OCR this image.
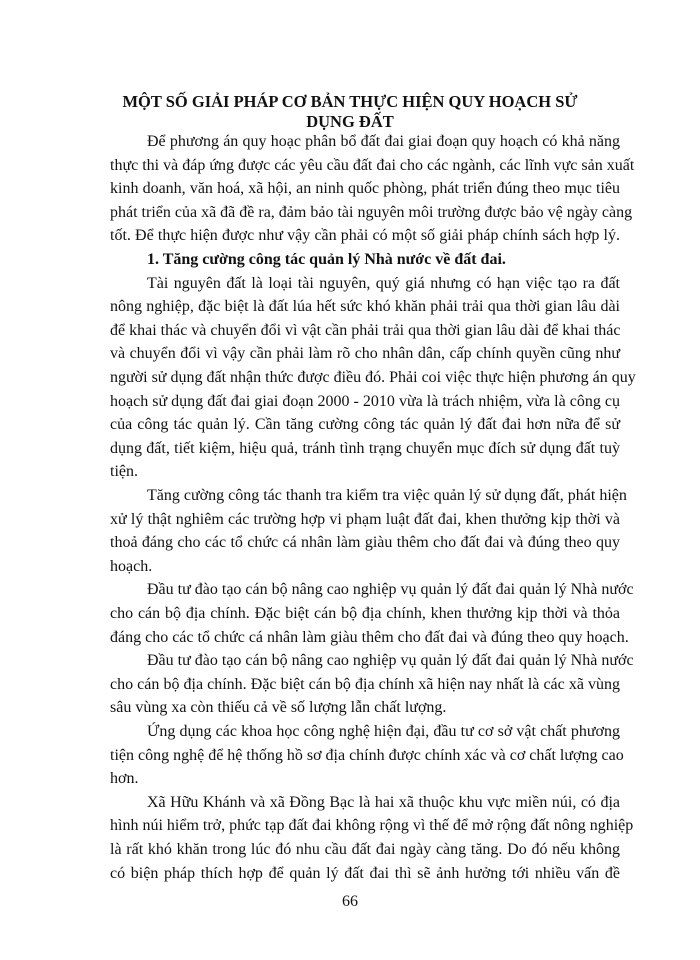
MỘT SỐ GIẢI PHÁP CƠ BẢN THỰC HIỆN QUY HOẠCH SỬ
DỤNG ĐẤT
Để phương án quy hoạc phân bổ đất đai giai đoạn quy hoạch có khả năng
thực thi và đáp ứng được các yêu cầu đất đai cho các ngành, các lĩnh vực sản xuất
kinh doanh, văn hoá, xã hội, an ninh quốc phòng, phát triển đúng theo mục tiêu
phát triển của xã đã đề ra, đảm bảo tài nguyên môi trường được bảo vệ ngày càng
tốt. Để thực hiện được như vậy cần phải có một số giải pháp chính sách hợp lý.
1. Tăng cường công tác quản lý Nhà nước về đất đai.
Tài nguyên đất là loại tài nguyên, quý giá nhưng có hạn việc tạo ra đất
nông nghiệp, đặc biệt là đất lúa hết sức khó khăn phải trải qua thời gian lâu dài
để khai thác và chuyển đổi vì vật cần phải trải qua thời gian lâu dài để khai thác
và chuyển đổi vì vậy cần phải làm rõ cho nhân dân, cấp chính quyền cũng như
người sử dụng đất nhận thức được điều đó. Phải coi việc thực hiện phương án quy
hoạch sử dụng đất đai giai đoạn 2000 - 2010 vừa là trách nhiệm, vừa là công cụ
của công tác quản lý. Cần tăng cường công tác quản lý đất đai hơn nữa để sử
dụng đất, tiết kiệm, hiệu quả, tránh tình trạng chuyển mục đích sử dụng đất tuỳ
tiện.
Tăng cường công tác thanh tra kiểm tra việc quản lý sử dụng đất, phát hiện
xử lý thật nghiêm các trường hợp vi phạm luật đất đai, khen thưởng kịp thời và
thoả đáng cho các tổ chức cá nhân làm giàu thêm cho đất đai và đúng theo quy
hoạch.
Đầu tư đào tạo cán bộ nâng cao nghiệp vụ quản lý đất đai quản lý Nhà nước
cho cán bộ địa chính. Đặc biệt cán bộ địa chính, khen thưởng kịp thời và thỏa
đáng cho các tổ chức cá nhân làm giàu thêm cho đất đai và đúng theo quy hoạch.
Đầu tư đào tạo cán bộ nâng cao nghiệp vụ quản lý đất đai quản lý Nhà nước
cho cán bộ địa chính. Đặc biệt cán bộ địa chính xã hiện nay nhất là các xã vùng
sâu vùng xa còn thiếu cả về số lượng lẫn chất lượng.
Ứng dụng các khoa học công nghệ hiện đại, đầu tư cơ sở vật chất phương
tiện công nghệ để hệ thống hồ sơ địa chính được chính xác và cơ chất lượng cao
hơn.
Xã Hữu Khánh và xã Đồng Bạc là hai xã thuộc khu vực miền núi, có địa
hình núi hiểm trở, phức tạp đất đai không rộng vì thế để mở rộng đất nông nghiệp
là rất khó khăn trong lúc đó nhu cầu đất đai ngày càng tăng. Do đó nếu không
có biện pháp thích hợp để quản lý đất đai thì sẽ ảnh hưởng tới nhiều vấn đề
66
